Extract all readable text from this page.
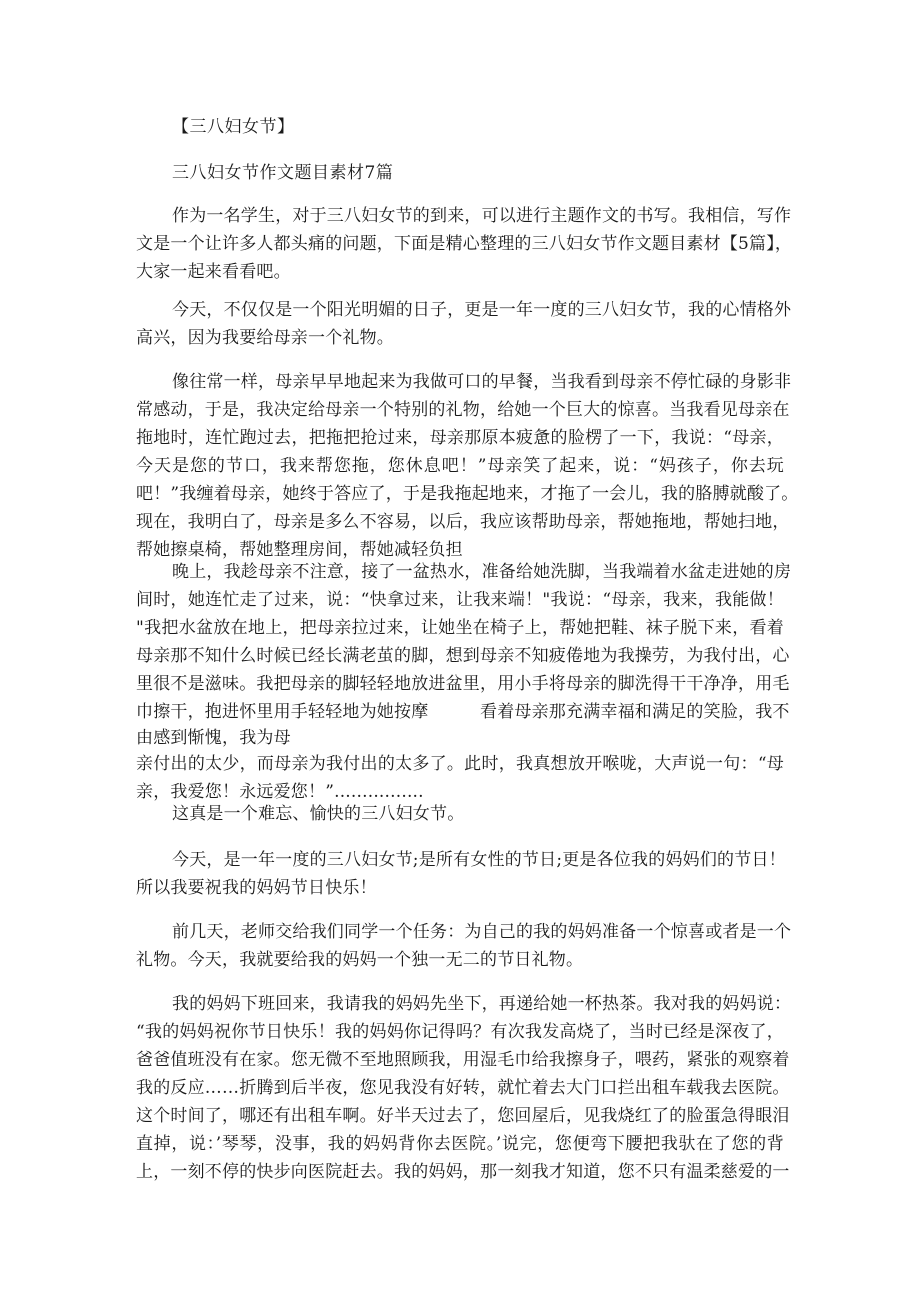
【三八妇女节】
三八妇女节作文题目素材7篇
作为一名学生，对于三八妇女节的到来，可以进行主题作文的书写。我相信，写作
文是一个让许多人都头痛的问题，下面是精心整理的三八妇女节作文题目素材【5篇】，
大家一起来看看吧。
今天，不仅仅是一个阳光明媚的日子，更是一年一度的三八妇女节，我的心情格外
高兴，因为我要给母亲一个礼物。
像往常一样，母亲早早地起来为我做可口的早餐，当我看到母亲不停忙碌的身影非
常感动，于是，我决定给母亲一个特别的礼物，给她一个巨大的惊喜。当我看见母亲在
拖地时，连忙跑过去，把拖把抢过来，母亲那原本疲惫的脸楞了一下，我说：“母亲，
今天是您的节口，我来帮您拖，您休息吧！”母亲笑了起来，说：“妈孩子，你去玩
吧！”我缠着母亲，她终于答应了，于是我拖起地来，才拖了一会儿，我的胳膊就酸了。
现在，我明白了，母亲是多么不容易，以后，我应该帮助母亲，帮她拖地，帮她扫地，
帮她擦桌椅，帮她整理房间，帮她减轻负担
晚上，我趁母亲不注意，接了一盆热水，准备给她洗脚，当我端着水盆走进她的房
间时，她连忙走了过来，说：“快拿过来，让我来端！"我说：“母亲，我来，我能做！
"我把水盆放在地上，把母亲拉过来，让她坐在椅子上，帮她把鞋、袜子脱下来，看着
母亲那不知什么时候已经长满老茧的脚，想到母亲不知疲倦地为我操劳，为我付出，心
里很不是滋味。我把母亲的脚轻轻地放进盆里，用小手将母亲的脚洗得干干净净，用毛
巾擦干，抱进怀里用手轻轻地为她按摩　　　看着母亲那充满幸福和满足的笑脸，我不
由感到惭愧，我为母
亲付出的太少，而母亲为我付出的太多了。此时，我真想放开喉咙，大声说一句：“母
亲，我爱您！永远爱您！”................
这真是一个难忘、愉快的三八妇女节。
今天，是一年一度的三八妇女节;是所有女性的节日;更是各位我的妈妈们的节日！
所以我要祝我的妈妈节日快乐！
前几天，老师交给我们同学一个任务：为自己的我的妈妈准备一个惊喜或者是一个
礼物。今天，我就要给我的妈妈一个独一无二的节日礼物。
我的妈妈下班回来，我请我的妈妈先坐下，再递给她一杯热茶。我对我的妈妈说：
“我的妈妈祝你节日快乐！我的妈妈你记得吗？有次我发高烧了，当时已经是深夜了，
爸爸值班没有在家。您无微不至地照顾我，用湿毛巾给我擦身子，喂药，紧张的观察着
我的反应……折腾到后半夜，您见我没有好转，就忙着去大门口拦出租车载我去医院。
这个时间了，哪还有出租车啊。好半天过去了，您回屋后，见我烧红了的脸蛋急得眼泪
直掉，说：’琴琴，没事，我的妈妈背你去医院。’说完，您便弯下腰把我驮在了您的背
上，一刻不停的快步向医院赶去。我的妈妈，那一刻我才知道，您不只有温柔慈爱的一
